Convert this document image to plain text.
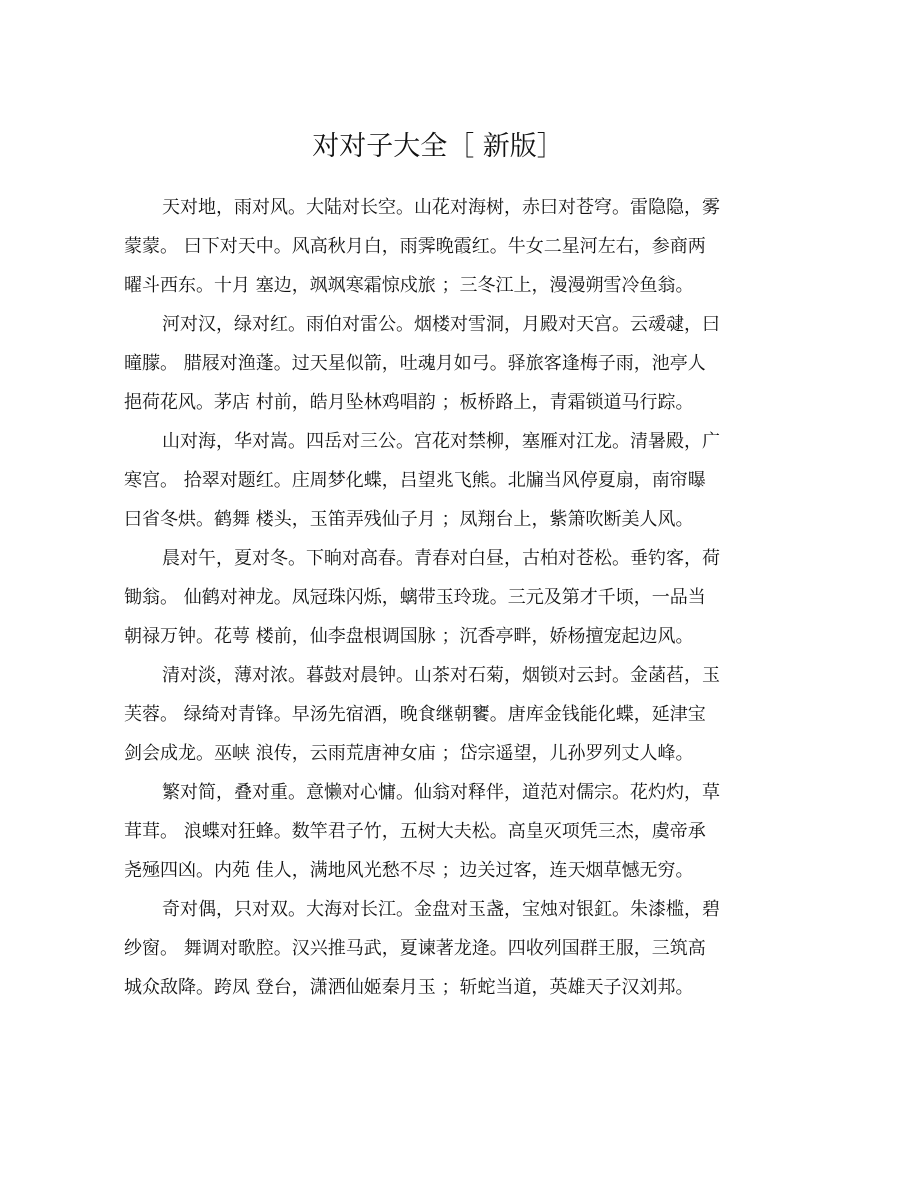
对对子大全［ 新版］
天对地，雨对风。大陆对长空。山花对海树，赤曰对苍穹。雷隐隐，雾
蒙蒙。 曰下对天中。风高秋月白，雨霁晚霞红。牛女二星河左右，参商两
曜斗西东。十月 塞边，飒飒寒霜惊戍旅 ；三冬江上，漫漫朔雪冷鱼翁。
河对汉，绿对红。雨伯对雷公。烟楼对雪洞，月殿对天宫。云叆叇，曰
曈朦。 腊屐对渔蓬。过天星似箭，吐魂月如弓。驿旅客逢梅子雨，池亭人
挹荷花风。茅店 村前，皓月坠林鸡唱韵 ；板桥路上，青霜锁道马行踪。
山对海，华对嵩。四岳对三公。宫花对禁柳，塞雁对江龙。清暑殿，广
寒宫。 拾翠对题红。庄周梦化蝶，吕望兆飞熊。北牖当风停夏扇，南帘曝
曰省冬烘。鹤舞 楼头，玉笛弄残仙子月 ；凤翔台上，紫箫吹断美人风。
晨对午，夏对冬。下晌对高春。青春对白昼，古柏对苍松。垂钓客，荷
锄翁。 仙鹤对神龙。凤冠珠闪烁，螭带玉玲珑。三元及第才千顷，一品当
朝禄万钟。花萼 楼前，仙李盘根调国脉 ；沉香亭畔，娇杨擅宠起边风。
清对淡，薄对浓。暮鼓对晨钟。山茶对石菊，烟锁对云封。金菡萏，玉
芙蓉。 绿绮对青锋。早汤先宿酒，晚食继朝饔。唐库金钱能化蝶，延津宝
剑会成龙。巫峡 浪传，云雨荒唐神女庙 ；岱宗遥望，儿孙罗列丈人峰。
繁对简，叠对重。意懒对心慵。仙翁对释伴，道范对儒宗。花灼灼，草
茸茸。 浪蝶对狂蜂。数竿君子竹，五树大夫松。高皇灭项凭三杰，虞帝承
尧殛四凶。内苑 佳人，满地风光愁不尽 ；边关过客，连天烟草憾无穷。
奇对偶，只对双。大海对长江。金盘对玉盏，宝烛对银釭。朱漆槛，碧
纱窗。 舞调对歌腔。汉兴推马武，夏谏著龙逄。四收列国群王服，三筑高
城众敌降。跨凤 登台，潇洒仙姬秦月玉 ；斩蛇当道，英雄天子汉刘邦。
